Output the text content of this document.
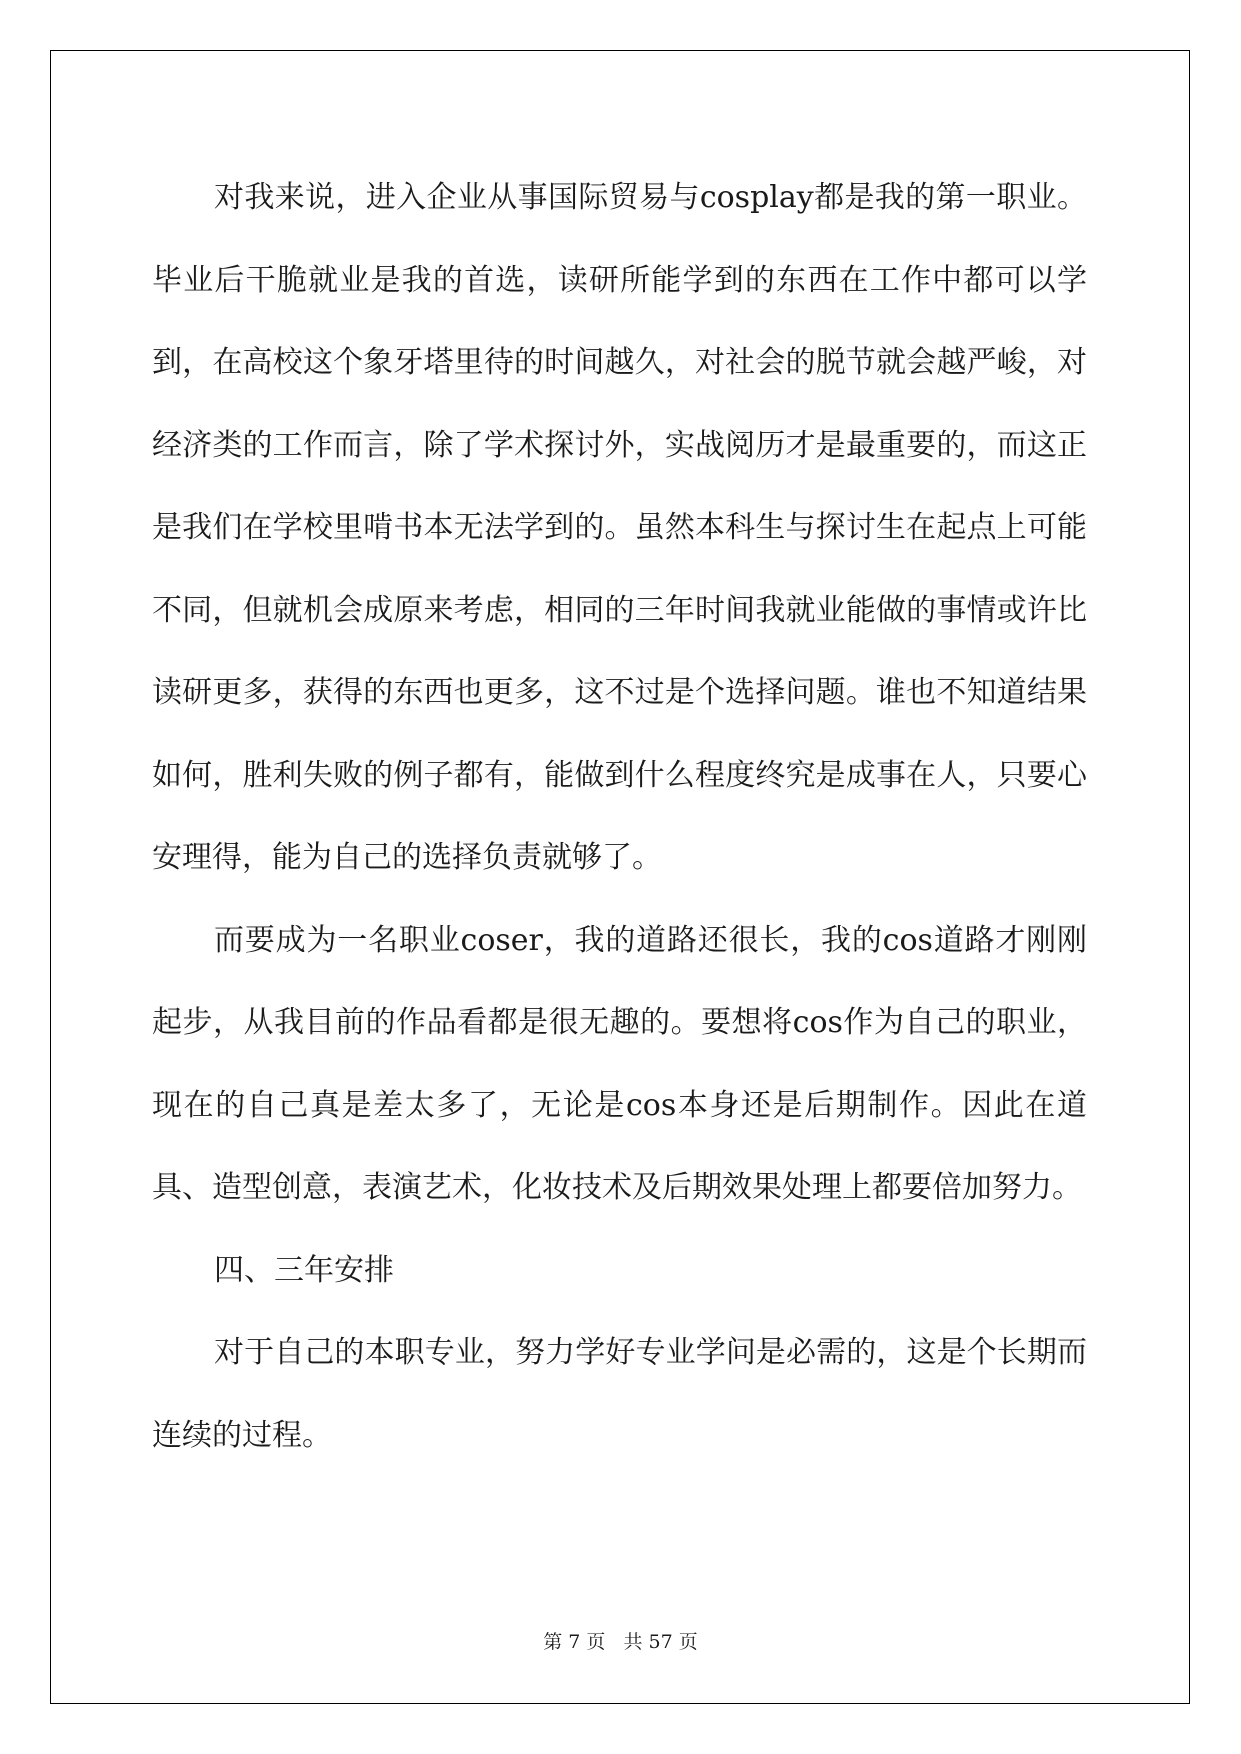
对我来说，进入企业从事国际贸易与cosplay都是我的第一职业。毕业后干脆就业是我的首选，读研所能学到的东西在工作中都可以学到，在高校这个象牙塔里待的时间越久，对社会的脱节就会越严峻，对经济类的工作而言，除了学术探讨外，实战阅历才是最重要的，而这正是我们在学校里啃书本无法学到的。虽然本科生与探讨生在起点上可能不同，但就机会成原来考虑，相同的三年时间我就业能做的事情或许比读研更多，获得的东西也更多，这不过是个选择问题。谁也不知道结果如何，胜利失败的例子都有，能做到什么程度终究是成事在人，只要心安理得，能为自己的选择负责就够了。

而要成为一名职业coser，我的道路还很长，我的cos道路才刚刚起步，从我目前的作品看都是很无趣的。要想将cos作为自己的职业，现在的自己真是差太多了，无论是cos本身还是后期制作。因此在道具、造型创意，表演艺术，化妆技术及后期效果处理上都要倍加努力。

四、三年安排

对于自己的本职专业，努力学好专业学问是必需的，这是个长期而连续的过程。

第 7 页   共 57 页
